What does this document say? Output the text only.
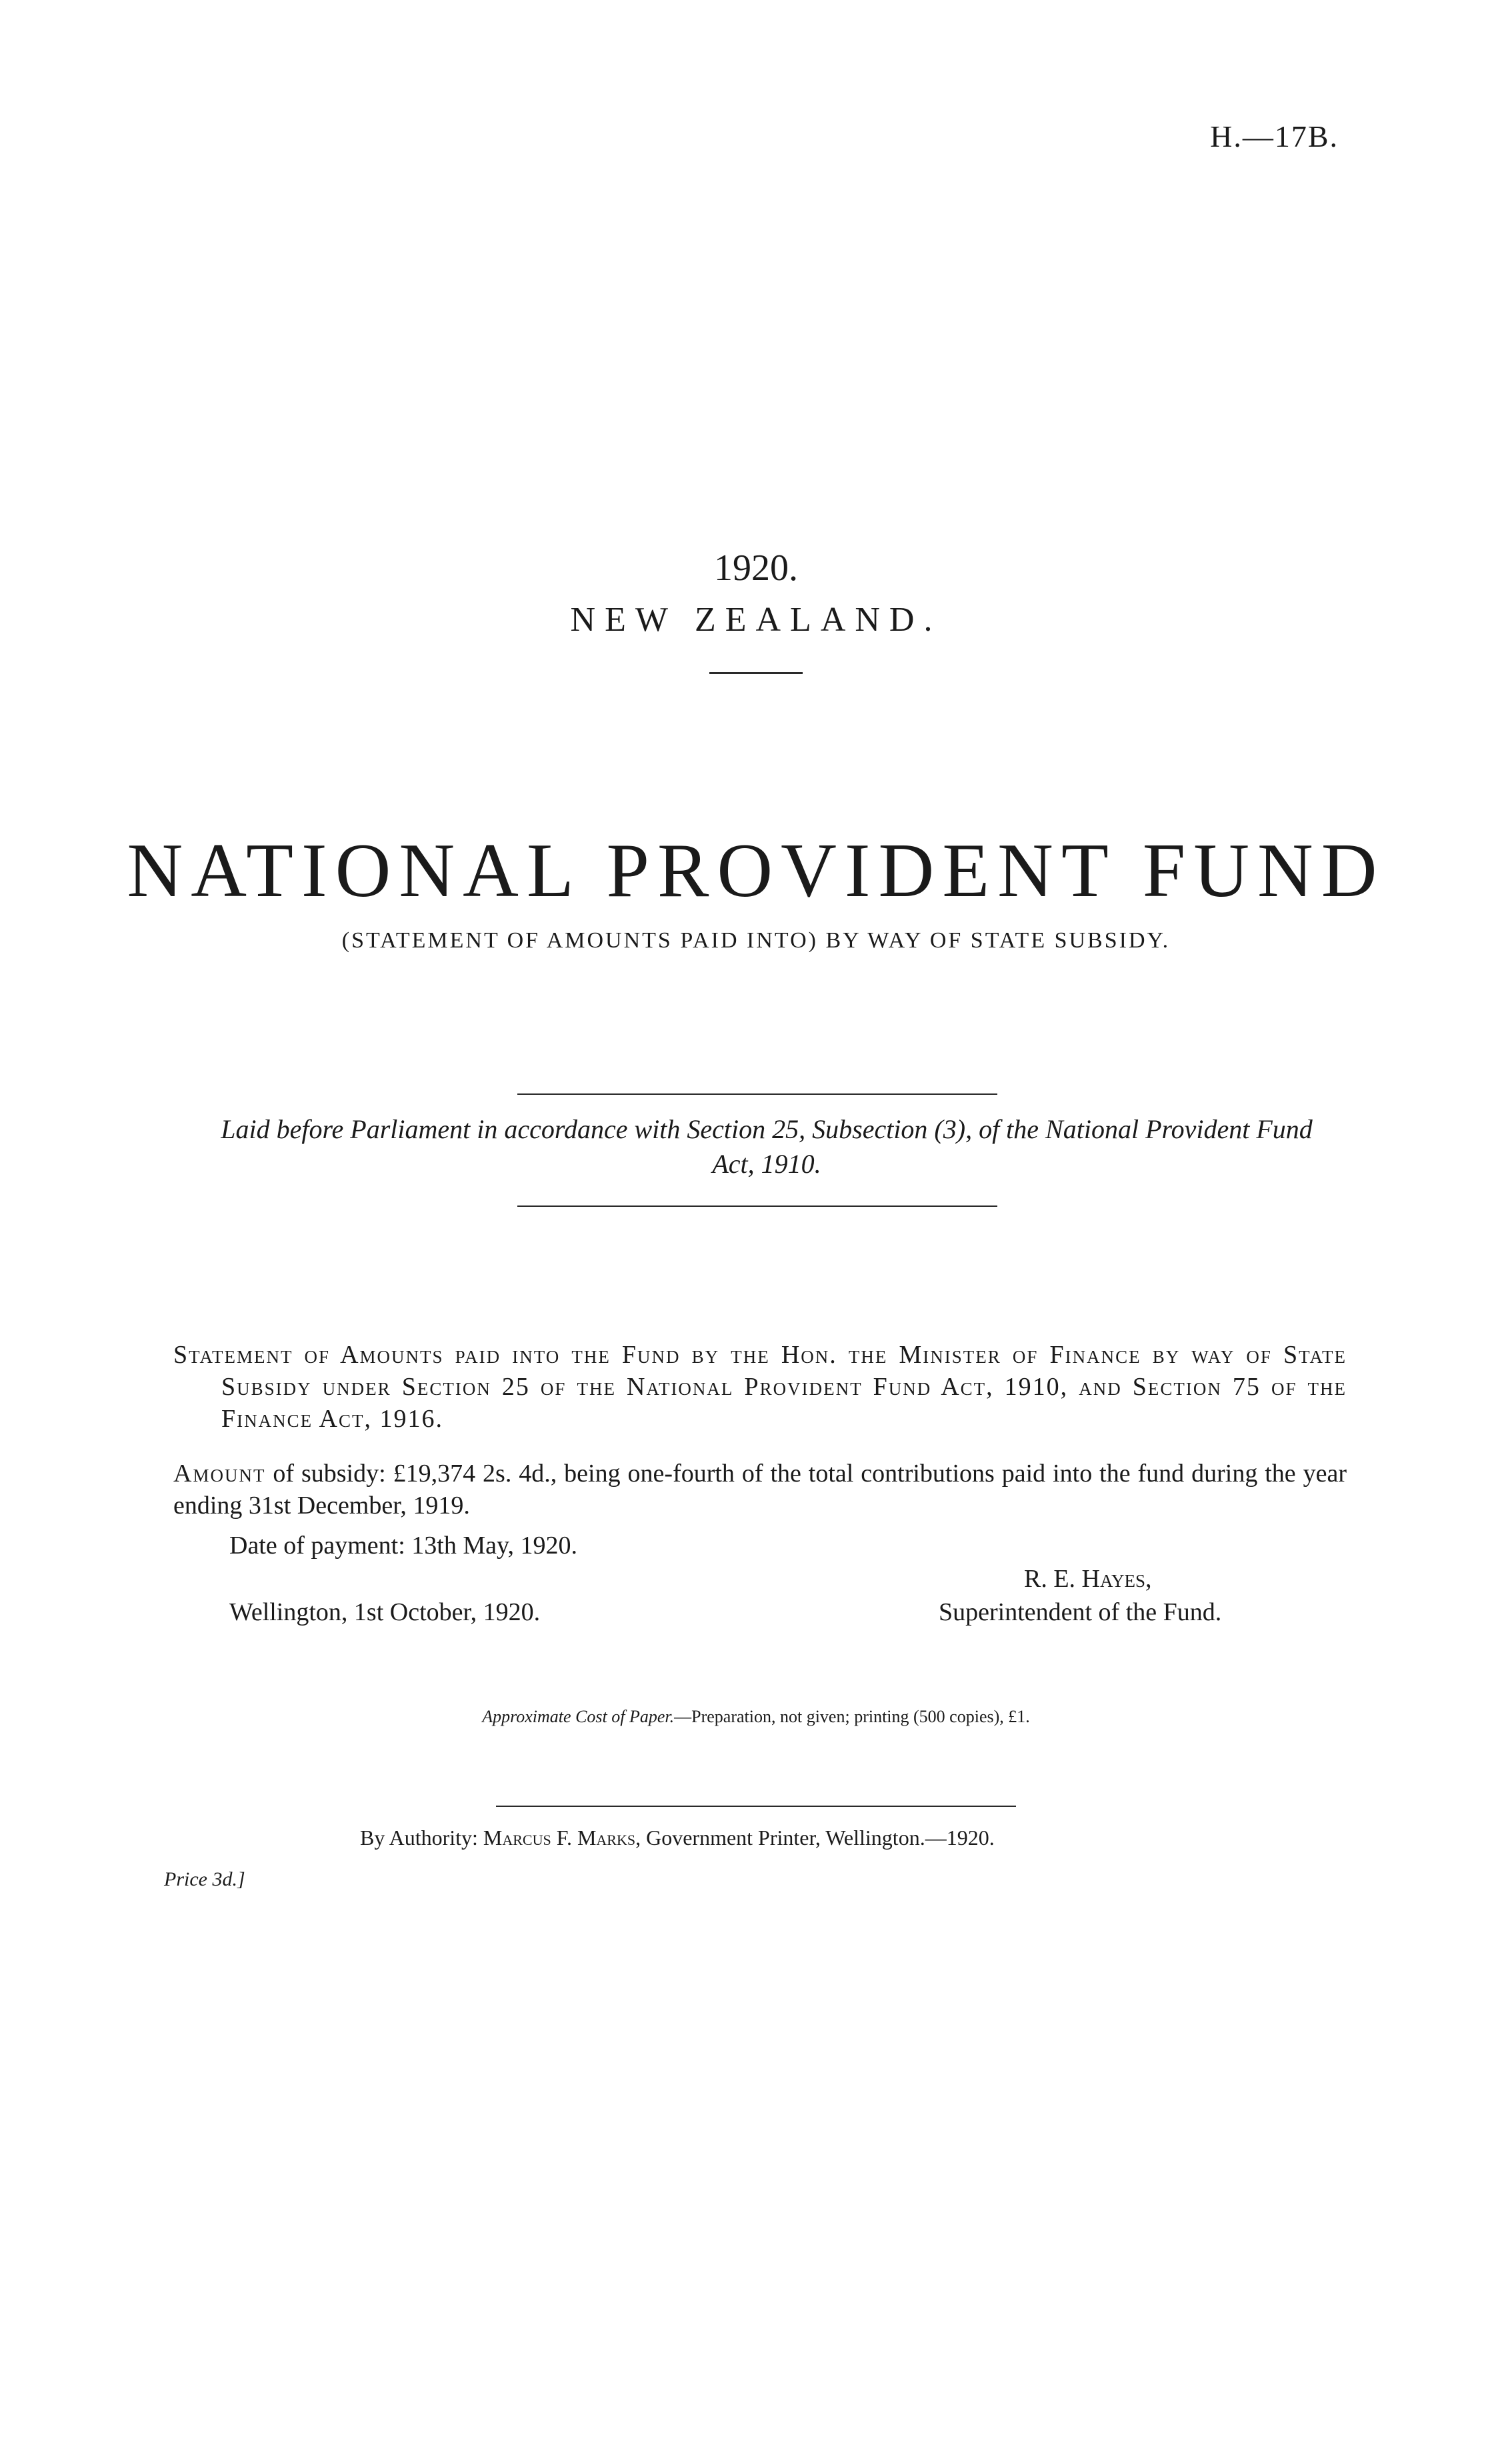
H.—17B.
1920.
NEW ZEALAND.
NATIONAL PROVIDENT FUND
(STATEMENT OF AMOUNTS PAID INTO) BY WAY OF STATE SUBSIDY.
Laid before Parliament in accordance with Section 25, Subsection (3), of the National Provident Fund Act, 1910.
Statement of Amounts paid into the Fund by the Hon. the Minister of Finance by way of State Subsidy under Section 25 of the National Provident Fund Act, 1910, and Section 75 of the Finance Act, 1916.
Amount of subsidy: £19,374 2s. 4d., being one-fourth of the total contributions paid into the fund during the year ending 31st December, 1919.
Date of payment: 13th May, 1920.
R. E. Hayes,
Wellington, 1st October, 1920.	Superintendent of the Fund.
Approximate Cost of Paper.—Preparation, not given; printing (500 copies), £1.
By Authority: Marcus F. Marks, Government Printer, Wellington.—1920.
Price 3d.]
